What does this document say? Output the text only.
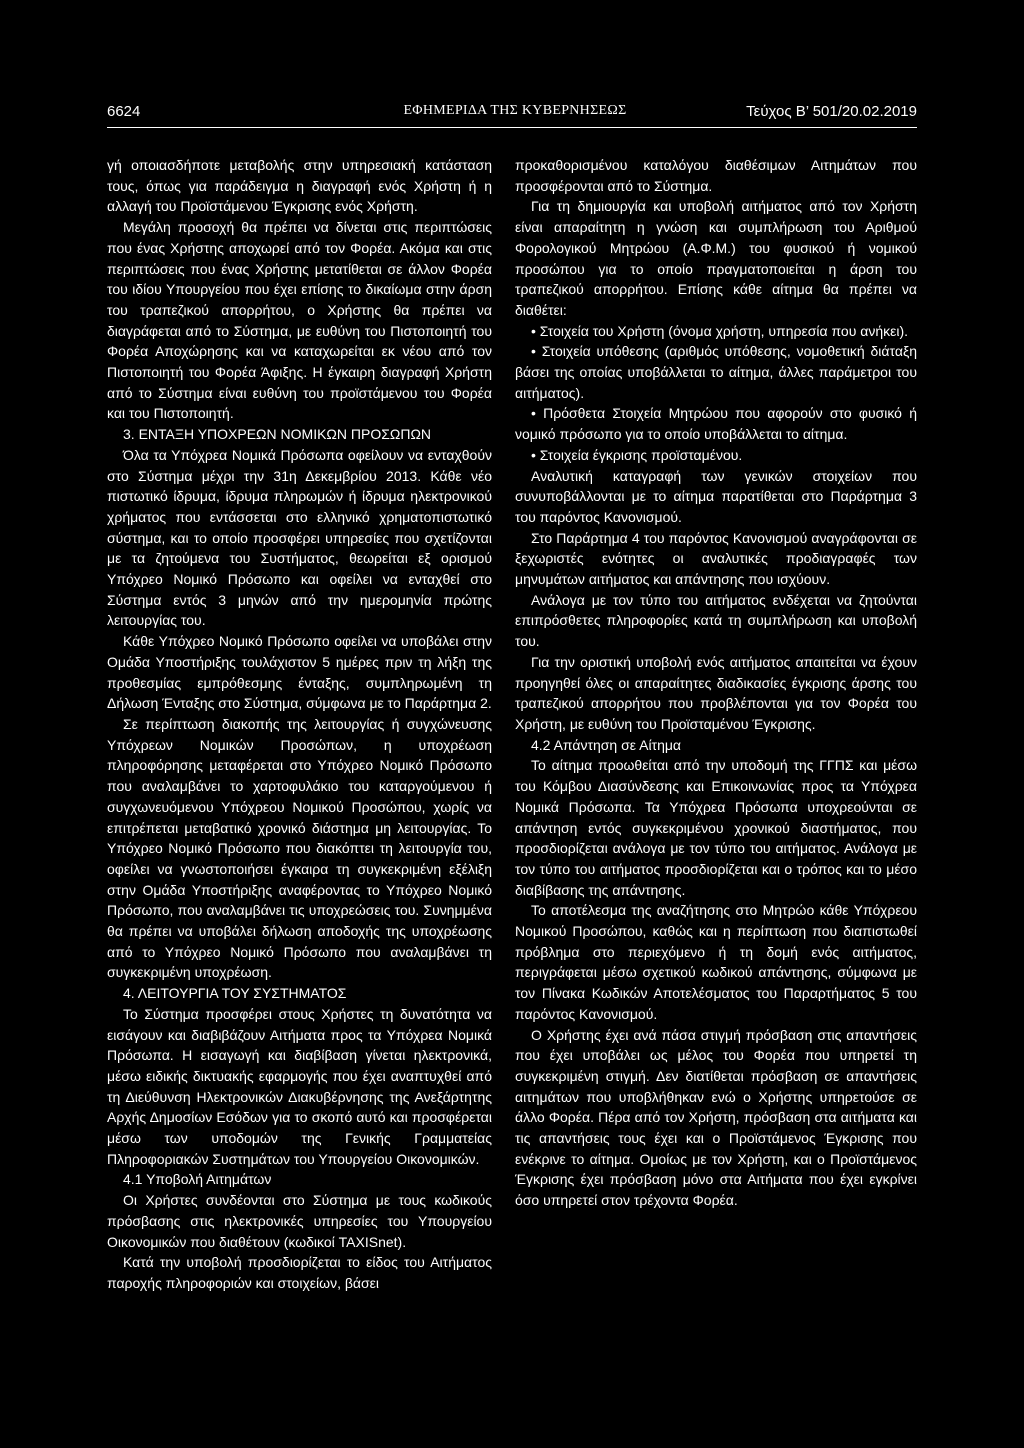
6624	ΕΦΗΜΕΡΙΔΑ ΤΗΣ ΚΥΒΕΡΝΗΣΕΩΣ	Τεύχος Β’ 501/20.02.2019

γή οποιασδήποτε μεταβολής στην υπηρεσιακή κατάσταση τους, όπως για παράδειγμα η διαγραφή ενός Χρήστη ή η αλλαγή του Προϊστάμενου Έγκρισης ενός Χρήστη.

Μεγάλη προσοχή θα πρέπει να δίνεται στις περιπτώσεις που ένας Χρήστης αποχωρεί από τον Φορέα. Ακόμα και στις περιπτώσεις που ένας Χρήστης μετατίθεται σε άλλον Φορέα του ιδίου Υπουργείου που έχει επίσης το δικαίωμα στην άρση του τραπεζικού απορρήτου, ο Χρήστης θα πρέπει να διαγράφεται από το Σύστημα, με ευθύνη του Πιστοποιητή του Φορέα Αποχώρησης και να καταχωρείται εκ νέου από τον Πιστοποιητή του Φορέα Άφιξης. Η έγκαιρη διαγραφή Χρήστη από το Σύστημα είναι ευθύνη του προϊστάμενου του Φορέα και του Πιστοποιητή.

3. ΕΝΤΑΞΗ ΥΠΟΧΡΕΩΝ ΝΟΜΙΚΩΝ ΠΡΟΣΩΠΩΝ

Όλα τα Υπόχρεα Νομικά Πρόσωπα οφείλουν να ενταχθούν στο Σύστημα μέχρι την 31η Δεκεμβρίου 2013. Κάθε νέο πιστωτικό ίδρυμα, ίδρυμα πληρωμών ή ίδρυμα ηλεκτρονικού χρήματος που εντάσσεται στο ελληνικό χρηματοπιστωτικό σύστημα, και το οποίο προσφέρει υπηρεσίες που σχετίζονται με τα ζητούμενα του Συστήματος, θεωρείται εξ ορισμού Υπόχρεο Νομικό Πρόσωπο και οφείλει να ενταχθεί στο Σύστημα εντός 3 μηνών από την ημερομηνία πρώτης λειτουργίας του.

Κάθε Υπόχρεο Νομικό Πρόσωπο οφείλει να υποβάλει στην Ομάδα Υποστήριξης τουλάχιστον 5 ημέρες πριν τη λήξη της προθεσμίας εμπρόθεσμης ένταξης, συμπληρωμένη τη Δήλωση Ένταξης στο Σύστημα, σύμφωνα με το Παράρτημα 2.

Σε περίπτωση διακοπής της λειτουργίας ή συγχώνευσης Υπόχρεων Νομικών Προσώπων, η υποχρέωση πληροφόρησης μεταφέρεται στο Υπόχρεο Νομικό Πρόσωπο που αναλαμβάνει το χαρτοφυλάκιο του καταργούμενου ή συγχωνευόμενου Υπόχρεου Νομικού Προσώπου, χωρίς να επιτρέπεται μεταβατικό χρονικό διάστημα μη λειτουργίας. Το Υπόχρεο Νομικό Πρόσωπο που διακόπτει τη λειτουργία του, οφείλει να γνωστοποιήσει έγκαιρα τη συγκεκριμένη εξέλιξη στην Ομάδα Υποστήριξης αναφέροντας το Υπόχρεο Νομικό Πρόσωπο, που αναλαμβάνει τις υποχρεώσεις του. Συνημμένα θα πρέπει να υποβάλει δήλωση αποδοχής της υποχρέωσης από το Υπόχρεο Νομικό Πρόσωπο που αναλαμβάνει τη συγκεκριμένη υποχρέωση.

4. ΛΕΙΤΟΥΡΓΙΑ ΤΟΥ ΣΥΣΤΗΜΑΤΟΣ

Το Σύστημα προσφέρει στους Χρήστες τη δυνατότητα να εισάγουν και διαβιβάζουν Αιτήματα προς τα Υπόχρεα Νομικά Πρόσωπα. Η εισαγωγή και διαβίβαση γίνεται ηλεκτρονικά, μέσω ειδικής δικτυακής εφαρμογής που έχει αναπτυχθεί από τη Διεύθυνση Ηλεκτρονικών Διακυβέρνησης της Ανεξάρτητης Αρχής Δημοσίων Εσόδων για το σκοπό αυτό και προσφέρεται μέσω των υποδομών της Γενικής Γραμματείας Πληροφοριακών Συστημάτων του Υπουργείου Οικονομικών.

4.1 Υποβολή Αιτημάτων

Οι Χρήστες συνδέονται στο Σύστημα με τους κωδικούς πρόσβασης στις ηλεκτρονικές υπηρεσίες του Υπουργείου Οικονομικών που διαθέτουν (κωδικοί TAXISnet).

Κατά την υποβολή προσδιορίζεται το είδος του Αιτήματος παροχής πληροφοριών και στοιχείων, βάσει

προκαθορισμένου καταλόγου διαθέσιμων Αιτημάτων που προσφέρονται από το Σύστημα.

Για τη δημιουργία και υποβολή αιτήματος από τον Χρήστη είναι απαραίτητη η γνώση και συμπλήρωση του Αριθμού Φορολογικού Μητρώου (Α.Φ.Μ.) του φυσικού ή νομικού προσώπου για το οποίο πραγματοποιείται η άρση του τραπεζικού απορρήτου. Επίσης κάθε αίτημα θα πρέπει να διαθέτει:

• Στοιχεία του Χρήστη (όνομα χρήστη, υπηρεσία που ανήκει).

• Στοιχεία υπόθεσης (αριθμός υπόθεσης, νομοθετική διάταξη βάσει της οποίας υποβάλλεται το αίτημα, άλλες παράμετροι του αιτήματος).

• Πρόσθετα Στοιχεία Μητρώου που αφορούν στο φυσικό ή νομικό πρόσωπο για το οποίο υποβάλλεται το αίτημα.

• Στοιχεία έγκρισης προϊσταμένου.

Αναλυτική καταγραφή των γενικών στοιχείων που συνυποβάλλονται με το αίτημα παρατίθεται στο Παράρτημα 3 του παρόντος Κανονισμού.

Στο Παράρτημα 4 του παρόντος Κανονισμού αναγράφονται σε ξεχωριστές ενότητες οι αναλυτικές προδιαγραφές των μηνυμάτων αιτήματος και απάντησης που ισχύουν.

Ανάλογα με τον τύπο του αιτήματος ενδέχεται να ζητούνται επιπρόσθετες πληροφορίες κατά τη συμπλήρωση και υποβολή του.

Για την οριστική υποβολή ενός αιτήματος απαιτείται να έχουν προηγηθεί όλες οι απαραίτητες διαδικασίες έγκρισης άρσης του τραπεζικού απορρήτου που προβλέπονται για τον Φορέα του Χρήστη, με ευθύνη του Προϊσταμένου Έγκρισης.

4.2 Απάντηση σε Αίτημα

Το αίτημα προωθείται από την υποδομή της ΓΓΠΣ και μέσω του Κόμβου Διασύνδεσης και Επικοινωνίας προς τα Υπόχρεα Νομικά Πρόσωπα. Τα Υπόχρεα Πρόσωπα υποχρεούνται σε απάντηση εντός συγκεκριμένου χρονικού διαστήματος, που προσδιορίζεται ανάλογα με τον τύπο του αιτήματος. Ανάλογα με τον τύπο του αιτήματος προσδιορίζεται και ο τρόπος και το μέσο διαβίβασης της απάντησης.

Το αποτέλεσμα της αναζήτησης στο Μητρώο κάθε Υπόχρεου Νομικού Προσώπου, καθώς και η περίπτωση που διαπιστωθεί πρόβλημα στο περιεχόμενο ή τη δομή ενός αιτήματος, περιγράφεται μέσω σχετικού κωδικού απάντησης, σύμφωνα με τον Πίνακα Κωδικών Αποτελέσματος του Παραρτήματος 5 του παρόντος Κανονισμού.

Ο Χρήστης έχει ανά πάσα στιγμή πρόσβαση στις απαντήσεις που έχει υποβάλει ως μέλος του Φορέα που υπηρετεί τη συγκεκριμένη στιγμή. Δεν διατίθεται πρόσβαση σε απαντήσεις αιτημάτων που υποβλήθηκαν ενώ ο Χρήστης υπηρετούσε σε άλλο Φορέα. Πέρα από τον Χρήστη, πρόσβαση στα αιτήματα και τις απαντήσεις τους έχει και ο Προϊστάμενος Έγκρισης που ενέκρινε το αίτημα. Ομοίως με τον Χρήστη, και ο Προϊστάμενος Έγκρισης έχει πρόσβαση μόνο στα Αιτήματα που έχει εγκρίνει όσο υπηρετεί στον τρέχοντα Φορέα.
